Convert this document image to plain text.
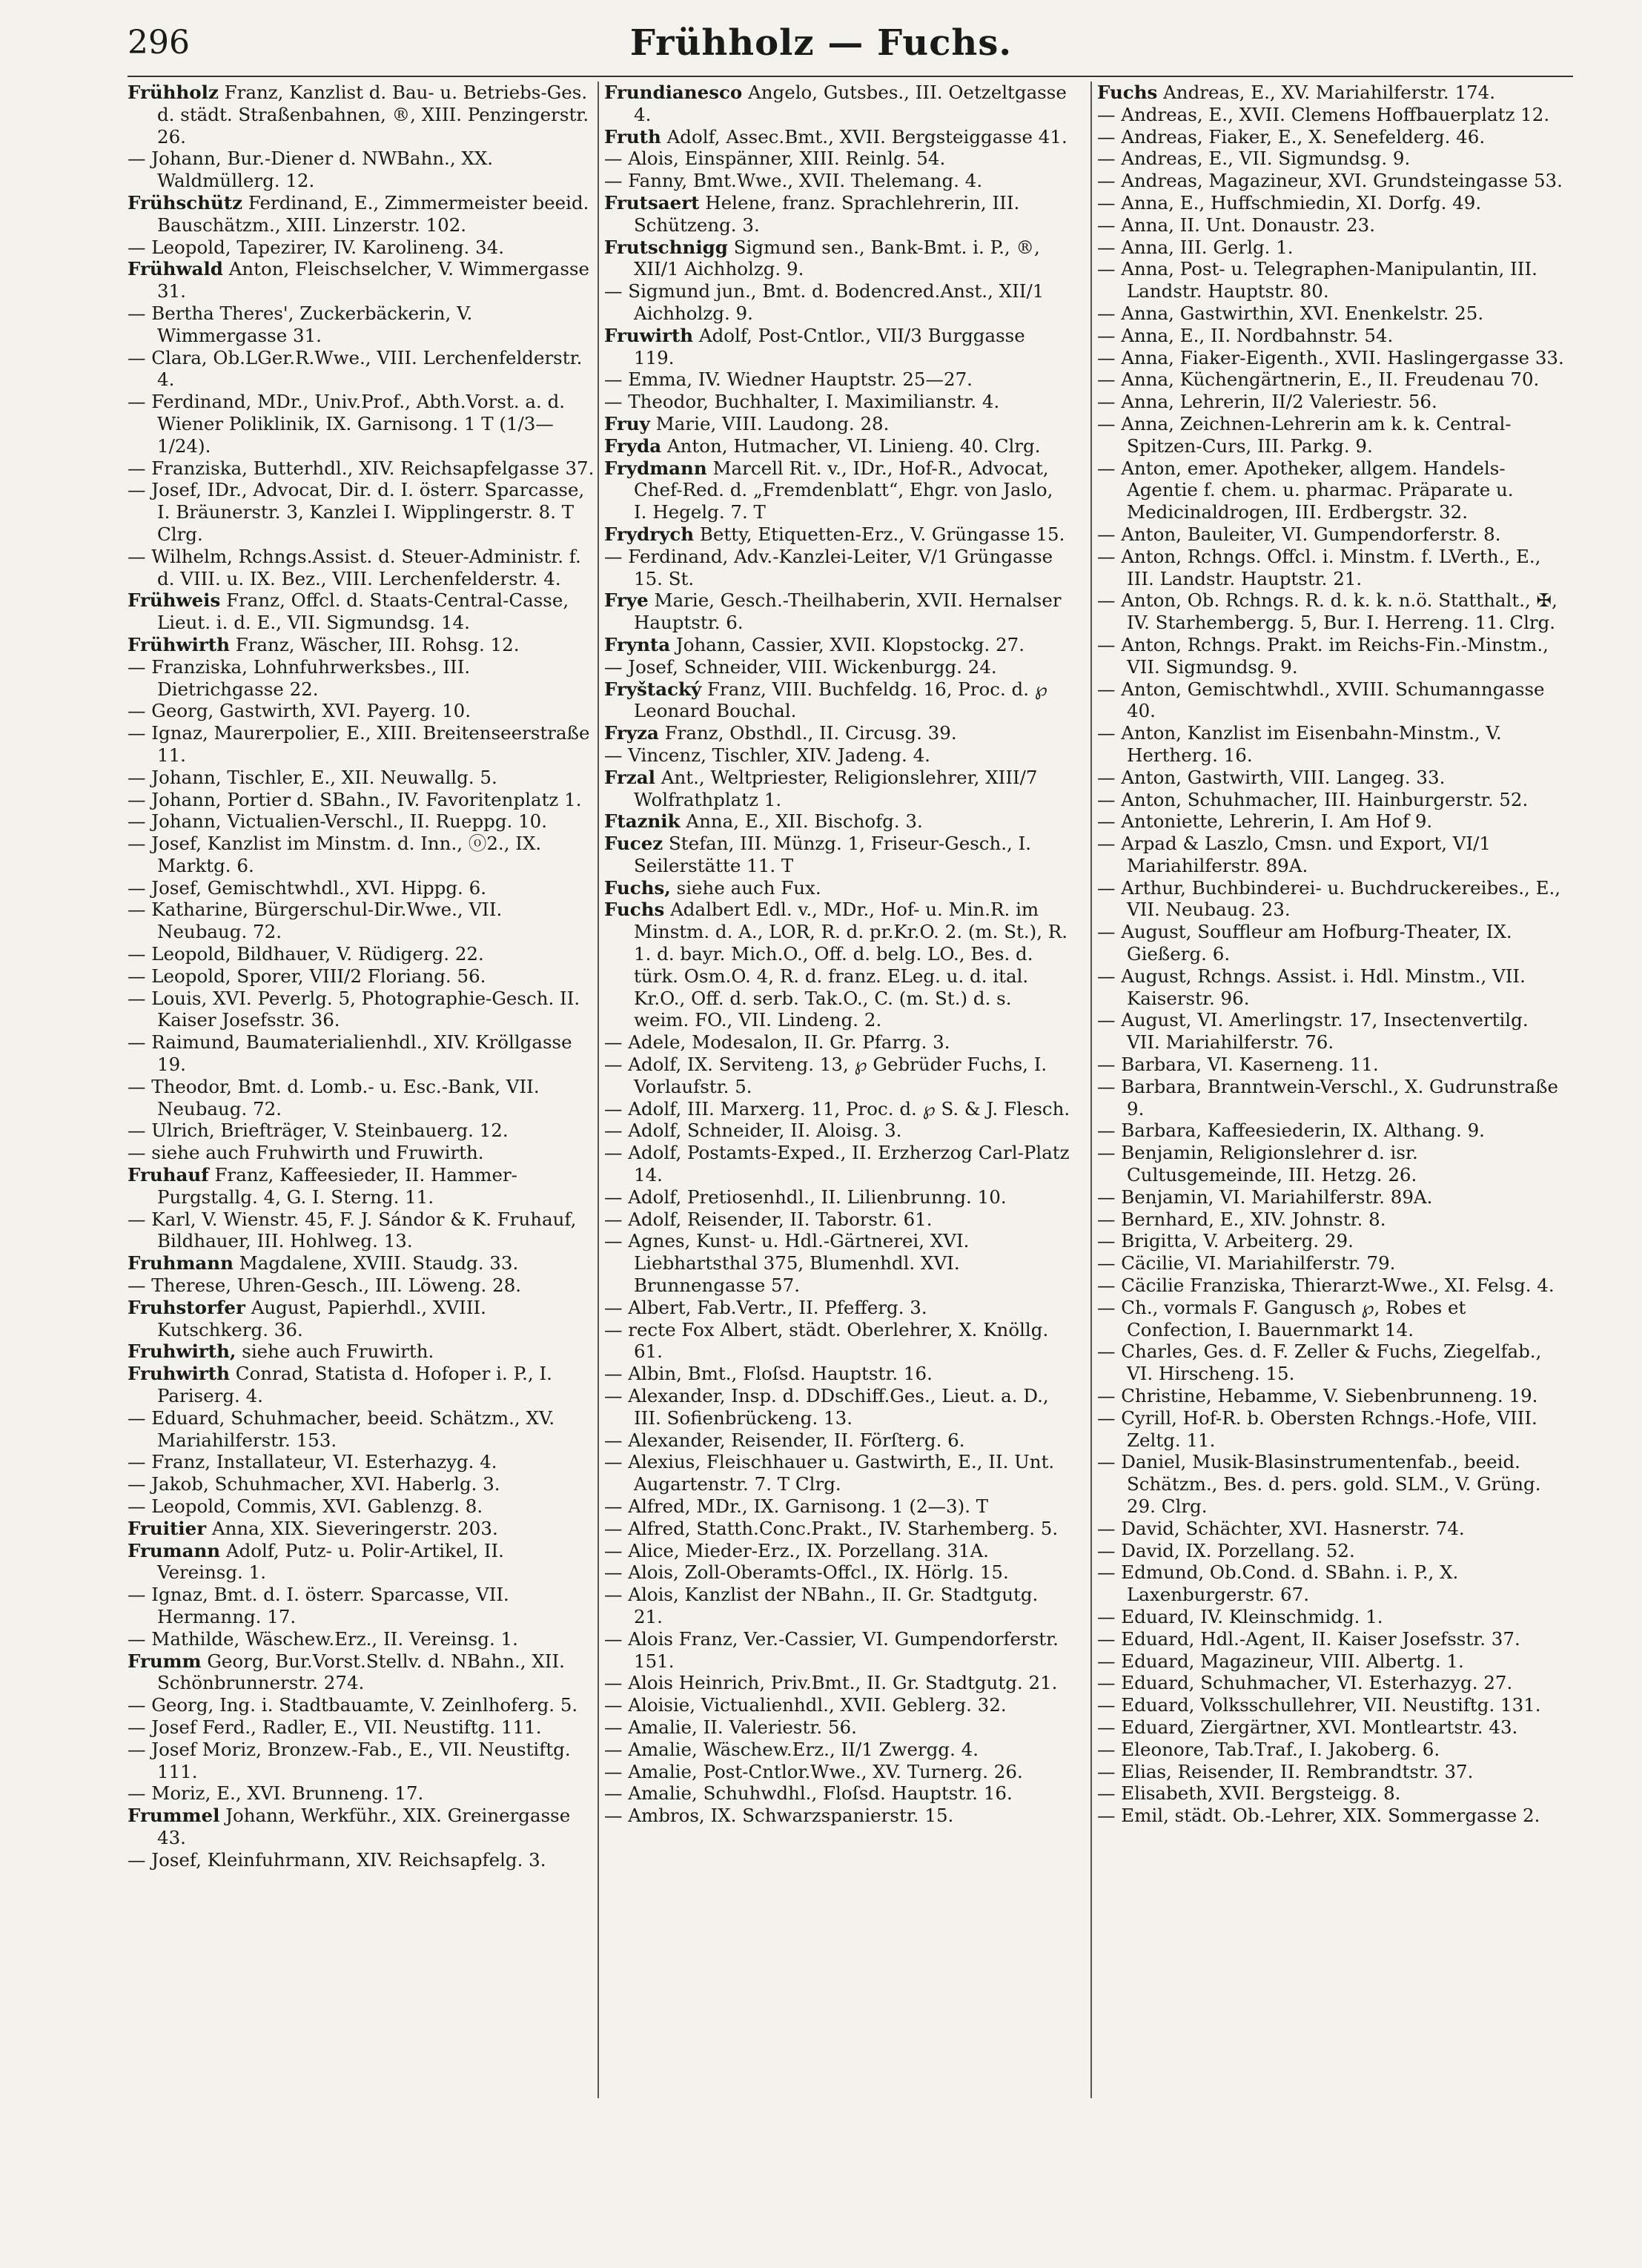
Frühholz — Fuchs.
296

Frühholz Franz, Kanzlist d. Bau- u. Betriebs-Ges. d. städt. Straßenbahnen, ®, XIII. Penzingerstr. 26.

— Johann, Bur.-Diener d. NWBahn., XX. Waldmüllerg. 12.

Frühschütz Ferdinand, E., Zimmermeister beeid. Bauschätzm., XIII. Linzerstr. 102.

— Leopold, Tapezirer, IV. Karolineng. 34.

Frühwald Anton, Fleischselcher, V. Wimmergasse 31.

— Bertha Theres', Zuckerbäckerin, V. Wimmergasse 31.

— Clara, Ob.LGer.R.Wwe., VIII. Lerchenfelderstr. 4.

— Ferdinand, MDr., Univ.Prof., Abth.Vorst. a. d. Wiener Poliklinik, IX. Garnisong. 1 T (1/3—1/24).

— Franziska, Butterhdl., XIV. Reichsapfelgasse 37.

— Josef, IDr., Advocat, Dir. d. I. österr. Sparcasse, I. Bräunerstr. 3, Kanzlei I. Wipplingerstr. 8. T Clrg.

— Wilhelm, Rchngs.Assist. d. Steuer-Administr. f. d. VIII. u. IX. Bez., VIII. Lerchenfelderstr. 4.

Frühweis Franz, Offcl. d. Staats-Central-Casse, Lieut. i. d. E., VII. Sigmundsg. 14.

Frühwirth Franz, Wäscher, III. Rohsg. 12.

— Franziska, Lohnfuhrwerksbes., III. Dietrichgasse 22.

— Georg, Gastwirth, XVI. Payerg. 10.

— Ignaz, Maurerpolier, E., XIII. Breitenseerstraße 11.

— Johann, Tischler, E., XII. Neuwallg. 5.

— Johann, Portier d. SBahn., IV. Favoritenplatz 1.

— Johann, Victualien-Verschl., II. Rueppg. 10.

— Josef, Kanzlist im Minstm. d. Inn., ⓞ2., IX. Marktg. 6.

— Josef, Gemischtwhdl., XVI. Hippg. 6.

— Katharine, Bürgerschul-Dir.Wwe., VII. Neubaug. 72.

— Leopold, Bildhauer, V. Rüdigerg. 22.

— Leopold, Sporer, VIII/2 Floriang. 56.

— Louis, XVI. Peverlg. 5, Photographie-Gesch. II. Kaiser Josefsstr. 36.

— Raimund, Baumaterialienhdl., XIV. Kröllgasse 19.

— Theodor, Bmt. d. Lomb.- u. Esc.-Bank, VII. Neubaug. 72.

— Ulrich, Briefträger, V. Steinbauerg. 12.

— siehe auch Fruhwirth und Fruwirth.

Fruhauf Franz, Kaffeesieder, II. Hammer-Purgstallg. 4, G. I. Sterng. 11.

— Karl, V. Wienstr. 45, F. J. Sándor & K. Fruhauf, Bildhauer, III. Hohlweg. 13.

Fruhmann Magdalene, XVIII. Staudg. 33.

— Therese, Uhren-Gesch., III. Löweng. 28.

Fruhstorfer August, Papierhdl., XVIII. Kutschkerg. 36.

Fruhwirth, siehe auch Fruwirth.

Fruhwirth Conrad, Statista d. Hofoper i. P., I. Pariserg. 4.

— Eduard, Schuhmacher, beeid. Schätzm., XV. Mariahilferstr. 153.

— Franz, Installateur, VI. Esterhazyg. 4.

— Jakob, Schuhmacher, XVI. Haberlg. 3.

— Leopold, Commis, XVI. Gablenzg. 8.

Fruitier Anna, XIX. Sieveringerstr. 203.

Frumann Adolf, Putz- u. Polir-Artikel, II. Vereinsg. 1.

— Ignaz, Bmt. d. I. österr. Sparcasse, VII. Hermanng. 17.

— Mathilde, Wäschew.Erz., II. Vereinsg. 1.

Frumm Georg, Bur.Vorst.Stellv. d. NBahn., XII. Schönbrunnerstr. 274.

— Georg, Ing. i. Stadtbauamte, V. Zeinlhoferg. 5.

— Josef Ferd., Radler, E., VII. Neustiftg. 111.

— Josef Moriz, Bronzew.-Fab., E., VII. Neustiftg. 111.

— Moriz, E., XVI. Brunneng. 17.

Frummel Johann, Werkführ., XIX. Greinergasse 43.

— Josef, Kleinfuhrmann, XIV. Reichsapfelg. 3.

Frundianesco Angelo, Gutsbes., III. Oetzeltgasse 4.

Fruth Adolf, Assec.Bmt., XVII. Bergsteiggasse 41.

— Alois, Einspänner, XIII. Reinlg. 54.

— Fanny, Bmt.Wwe., XVII. Thelemang. 4.

Frutsaert Helene, franz. Sprachlehrerin, III. Schützeng. 3.

Frutschnigg Sigmund sen., Bank-Bmt. i. P., ®, XII/1 Aichholzg. 9.

— Sigmund jun., Bmt. d. Bodencred.Anst., XII/1 Aichholzg. 9.

Fruwirth Adolf, Post-Cntlor., VII/3 Burggasse 119.

— Emma, IV. Wiedner Hauptstr. 25—27.

— Theodor, Buchhalter, I. Maximilianstr. 4.

Fruy Marie, VIII. Laudong. 28.

Fryda Anton, Hutmacher, VI. Linieng. 40. Clrg.

Frydmann Marcell Rit. v., IDr., Hof-R., Advocat, Chef-Red. d. „Fremdenblatt“, Ehgr. von Jaslo, I. Hegelg. 7. T

Frydrych Betty, Etiquetten-Erz., V. Grüngasse 15.

— Ferdinand, Adv.-Kanzlei-Leiter, V/1 Grüngasse 15. St.

Frye Marie, Gesch.-Theilhaberin, XVII. Hernalser Hauptstr. 6.

Frynta Johann, Cassier, XVII. Klopstockg. 27.

— Josef, Schneider, VIII. Wickenburgg. 24.

Fryštacký Franz, VIII. Buchfeldg. 16, Proc. d. ℘ Leonard Bouchal.

Fryza Franz, Obsthdl., II. Circusg. 39.

— Vincenz, Tischler, XIV. Jadeng. 4.

Frzal Ant., Weltpriester, Religionslehrer, XIII/7 Wolfrathplatz 1.

Ftaznik Anna, E., XII. Bischofg. 3.

Fucez Stefan, III. Münzg. 1, Friseur-Gesch., I. Seilerstätte 11. T

Fuchs, siehe auch Fux.

Fuchs Adalbert Edl. v., MDr., Hof- u. Min.R. im Minstm. d. A., LOR, R. d. pr.Kr.O. 2. (m. St.), R. 1. d. bayr. Mich.O., Off. d. belg. LO., Bes. d. türk. Osm.O. 4, R. d. franz. ELeg. u. d. ital. Kr.O., Off. d. serb. Tak.O., C. (m. St.) d. s. weim. FO., VII. Lindeng. 2.

— Adele, Modesalon, II. Gr. Pfarrg. 3.

— Adolf, IX. Serviteng. 13, ℘ Gebrüder Fuchs, I. Vorlaufstr. 5.

— Adolf, III. Marxerg. 11, Proc. d. ℘ S. & J. Flesch.

— Adolf, Schneider, II. Aloisg. 3.

— Adolf, Postamts-Exped., II. Erzherzog Carl-Platz 14.

— Adolf, Pretiosenhdl., II. Lilienbrunng. 10.

— Adolf, Reisender, II. Taborstr. 61.

— Agnes, Kunst- u. Hdl.-Gärtnerei, XVI. Liebhartsthal 375, Blumenhdl. XVI. Brunnengasse 57.

— Albert, Fab.Vertr., II. Pfefferg. 3.

— recte Fox Albert, städt. Oberlehrer, X. Knöllg. 61.

— Albin, Bmt., Floſsd. Hauptstr. 16.

— Alexander, Insp. d. DDschiff.Ges., Lieut. a. D., III. Sofienbrückeng. 13.

— Alexander, Reisender, II. Förſterg. 6.

— Alexius, Fleischhauer u. Gastwirth, E., II. Unt. Augartenstr. 7. T Clrg.

— Alfred, MDr., IX. Garnisong. 1 (2—3). T

— Alfred, Statth.Conc.Prakt., IV. Starhemberg. 5.

— Alice, Mieder-Erz., IX. Porzellang. 31A.

— Alois, Zoll-Oberamts-Offcl., IX. Hörlg. 15.

— Alois, Kanzlist der NBahn., II. Gr. Stadtgutg. 21.

— Alois Franz, Ver.-Cassier, VI. Gumpendorferstr. 151.

— Alois Heinrich, Priv.Bmt., II. Gr. Stadtgutg. 21.

— Aloisie, Victualienhdl., XVII. Geblerg. 32.

— Amalie, II. Valeriestr. 56.

— Amalie, Wäschew.Erz., II/1 Zwergg. 4.

— Amalie, Post-Cntlor.Wwe., XV. Turnerg. 26.

— Amalie, Schuhwdhl., Floſsd. Hauptstr. 16.

— Ambros, IX. Schwarzspanierstr. 15.

Fuchs Andreas, E., XV. Mariahilferstr. 174.

— Andreas, E., XVII. Clemens Hoffbauerplatz 12.

— Andreas, Fiaker, E., X. Senefelderg. 46.

— Andreas, E., VII. Sigmundsg. 9.

— Andreas, Magazineur, XVI. Grundsteingasse 53.

— Anna, E., Huffschmiedin, XI. Dorfg. 49.

— Anna, II. Unt. Donaustr. 23.

— Anna, III. Gerlg. 1.

— Anna, Post- u. Telegraphen-Manipulantin, III. Landstr. Hauptstr. 80.

— Anna, Gastwirthin, XVI. Enenkelstr. 25.

— Anna, E., II. Nordbahnstr. 54.

— Anna, Fiaker-Eigenth., XVII. Haslingergasse 33.

— Anna, Küchengärtnerin, E., II. Freudenau 70.

— Anna, Lehrerin, II/2 Valeriestr. 56.

— Anna, Zeichnen-Lehrerin am k. k. Central-Spitzen-Curs, III. Parkg. 9.

— Anton, emer. Apotheker, allgem. Handels-Agentie f. chem. u. pharmac. Präparate u. Medicinaldrogen, III. Erdbergstr. 32.

— Anton, Bauleiter, VI. Gumpendorferstr. 8.

— Anton, Rchngs. Offcl. i. Minstm. f. LVerth., E., III. Landstr. Hauptstr. 21.

— Anton, Ob. Rchngs. R. d. k. k. n.ö. Statthalt., ✠, IV. Starhembergg. 5, Bur. I. Herreng. 11. Clrg.

— Anton, Rchngs. Prakt. im Reichs-Fin.-Minstm., VII. Sigmundsg. 9.

— Anton, Gemischtwhdl., XVIII. Schumanngasse 40.

— Anton, Kanzlist im Eisenbahn-Minstm., V. Hertherg. 16.

— Anton, Gastwirth, VIII. Langeg. 33.

— Anton, Schuhmacher, III. Hainburgerstr. 52.

— Antoniette, Lehrerin, I. Am Hof 9.

— Arpad & Laszlo, Cmsn. und Export, VI/1 Mariahilferstr. 89A.

— Arthur, Buchbinderei- u. Buchdruckereibes., E., VII. Neubaug. 23.

— August, Souffleur am Hofburg-Theater, IX. Gießerg. 6.

— August, Rchngs. Assist. i. Hdl. Minstm., VII. Kaiserstr. 96.

— August, VI. Amerlingstr. 17, Insectenvertilg. VII. Mariahilferstr. 76.

— Barbara, VI. Kaserneng. 11.

— Barbara, Branntwein-Verschl., X. Gudrunstraße 9.

— Barbara, Kaffeesiederin, IX. Althang. 9.

— Benjamin, Religionslehrer d. isr. Cultusgemeinde, III. Hetzg. 26.

— Benjamin, VI. Mariahilferstr. 89A.

— Bernhard, E., XIV. Johnstr. 8.

— Brigitta, V. Arbeiterg. 29.

— Cäcilie, VI. Mariahilferstr. 79.

— Cäcilie Franziska, Thierarzt-Wwe., XI. Felsg. 4.

— Ch., vormals F. Gangusch ℘, Robes et Confection, I. Bauernmarkt 14.

— Charles, Ges. d. F. Zeller & Fuchs, Ziegelfab., VI. Hirscheng. 15.

— Christine, Hebamme, V. Siebenbrunneng. 19.

— Cyrill, Hof-R. b. Obersten Rchngs.-Hofe, VIII. Zeltg. 11.

— Daniel, Musik-Blasinstrumentenfab., beeid. Schätzm., Bes. d. pers. gold. SLM., V. Grüng. 29. Clrg.

— David, Schächter, XVI. Hasnerstr. 74.

— David, IX. Porzellang. 52.

— Edmund, Ob.Cond. d. SBahn. i. P., X. Laxenburgerstr. 67.

— Eduard, IV. Kleinschmidg. 1.

— Eduard, Hdl.-Agent, II. Kaiser Josefsstr. 37.

— Eduard, Magazineur, VIII. Albertg. 1.

— Eduard, Schuhmacher, VI. Esterhazyg. 27.

— Eduard, Volksschullehrer, VII. Neustiftg. 131.

— Eduard, Ziergärtner, XVI. Montleartstr. 43.

— Eleonore, Tab.Traf., I. Jakoberg. 6.

— Elias, Reisender, II. Rembrandtstr. 37.

— Elisabeth, XVII. Bergsteigg. 8.

— Emil, städt. Ob.-Lehrer, XIX. Sommergasse 2.
